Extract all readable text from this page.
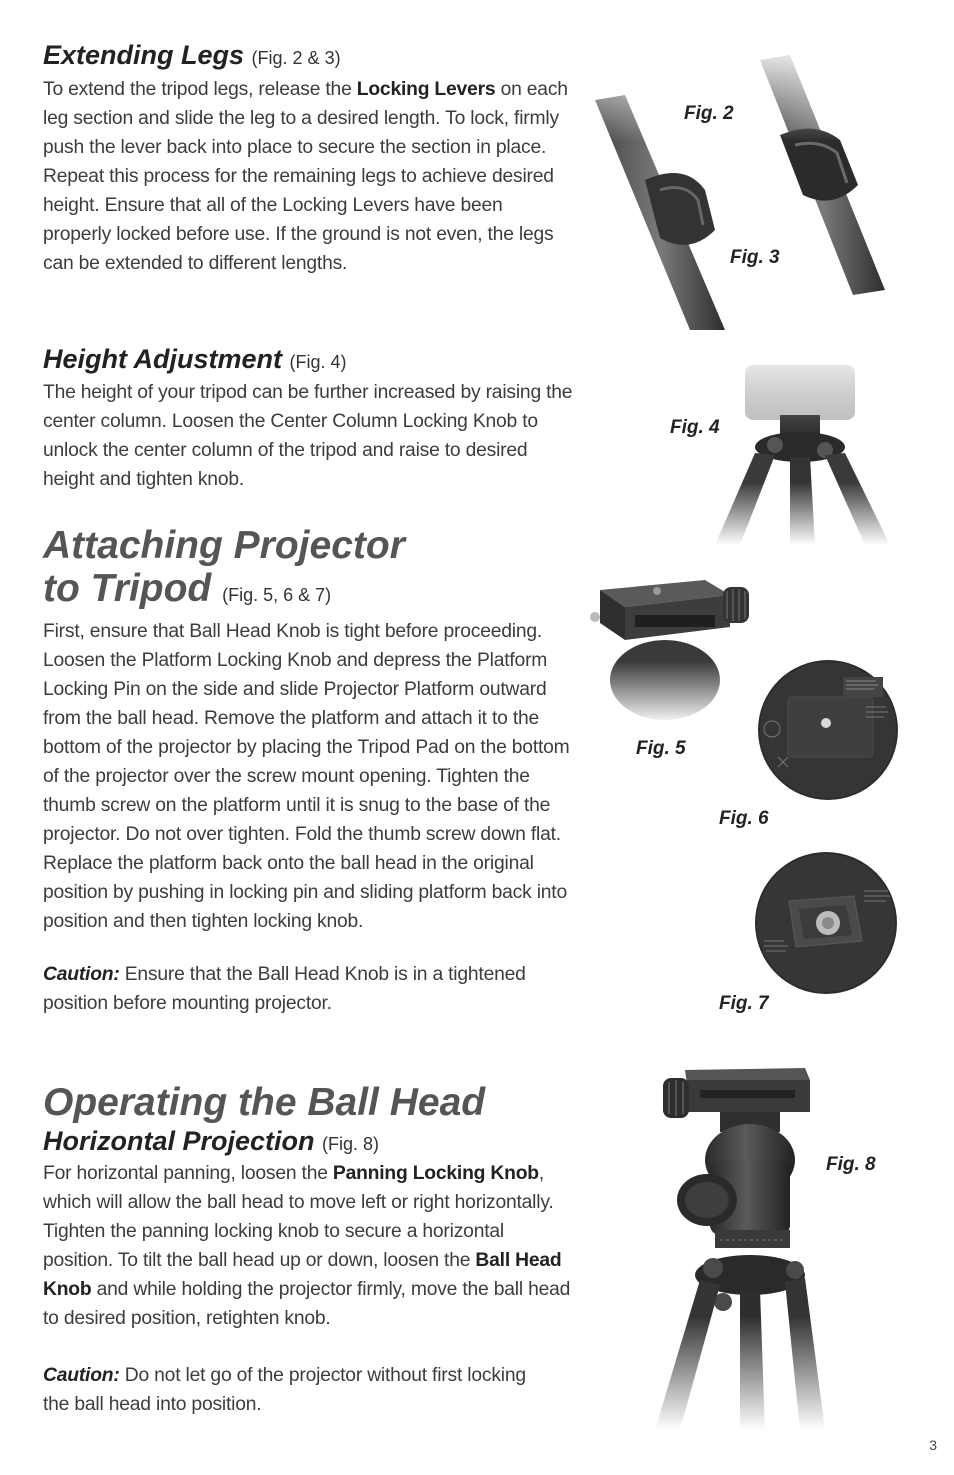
Extending Legs (Fig. 2 & 3)

To extend the tripod legs, release the Locking Levers on each leg section and slide the leg to a desired length. To lock, firmly push the lever back into place to secure the section in place. Repeat this process for the remaining legs to achieve desired height. Ensure that all of the Locking Levers have been properly locked before use. If the ground is not even, the legs can be extended to different lengths.

Height Adjustment (Fig. 4)

The height of your tripod can be further increased by raising the center column. Loosen the Center Column Locking Knob to unlock the center column of the tripod and raise to desired height and tighten knob.

Attaching Projector
to Tripod (Fig. 5, 6 & 7)

First, ensure that Ball Head Knob is tight before proceeding. Loosen the Platform Locking Knob and depress the Platform Locking Pin on the side and slide Projector Platform outward from the ball head. Remove the platform and attach it to the bottom of the projector by placing the Tripod Pad on the bottom of the projector over the screw mount opening. Tighten the thumb screw on the platform until it is snug to the base of the projector. Do not over tighten. Fold the thumb screw down flat. Replace the platform back onto the ball head in the original position by pushing in locking pin and sliding platform back into position and then tighten locking knob.

Caution: Ensure that the Ball Head Knob is in a tightened position before mounting projector.

Operating the Ball Head
Horizontal Projection (Fig. 8)

For horizontal panning, loosen the Panning Locking Knob, which will allow the ball head to move left or right horizontally. Tighten the panning locking knob to secure a horizontal position. To tilt the ball head up or down, loosen the Ball Head Knob and while holding the projector firmly, move the ball head to desired position, retighten knob.

Caution: Do not let go of the projector without first locking the ball head into position.

Fig. 2
Fig. 3
Fig. 4
Fig. 5
Fig. 6
Fig. 7
Fig. 8
3
